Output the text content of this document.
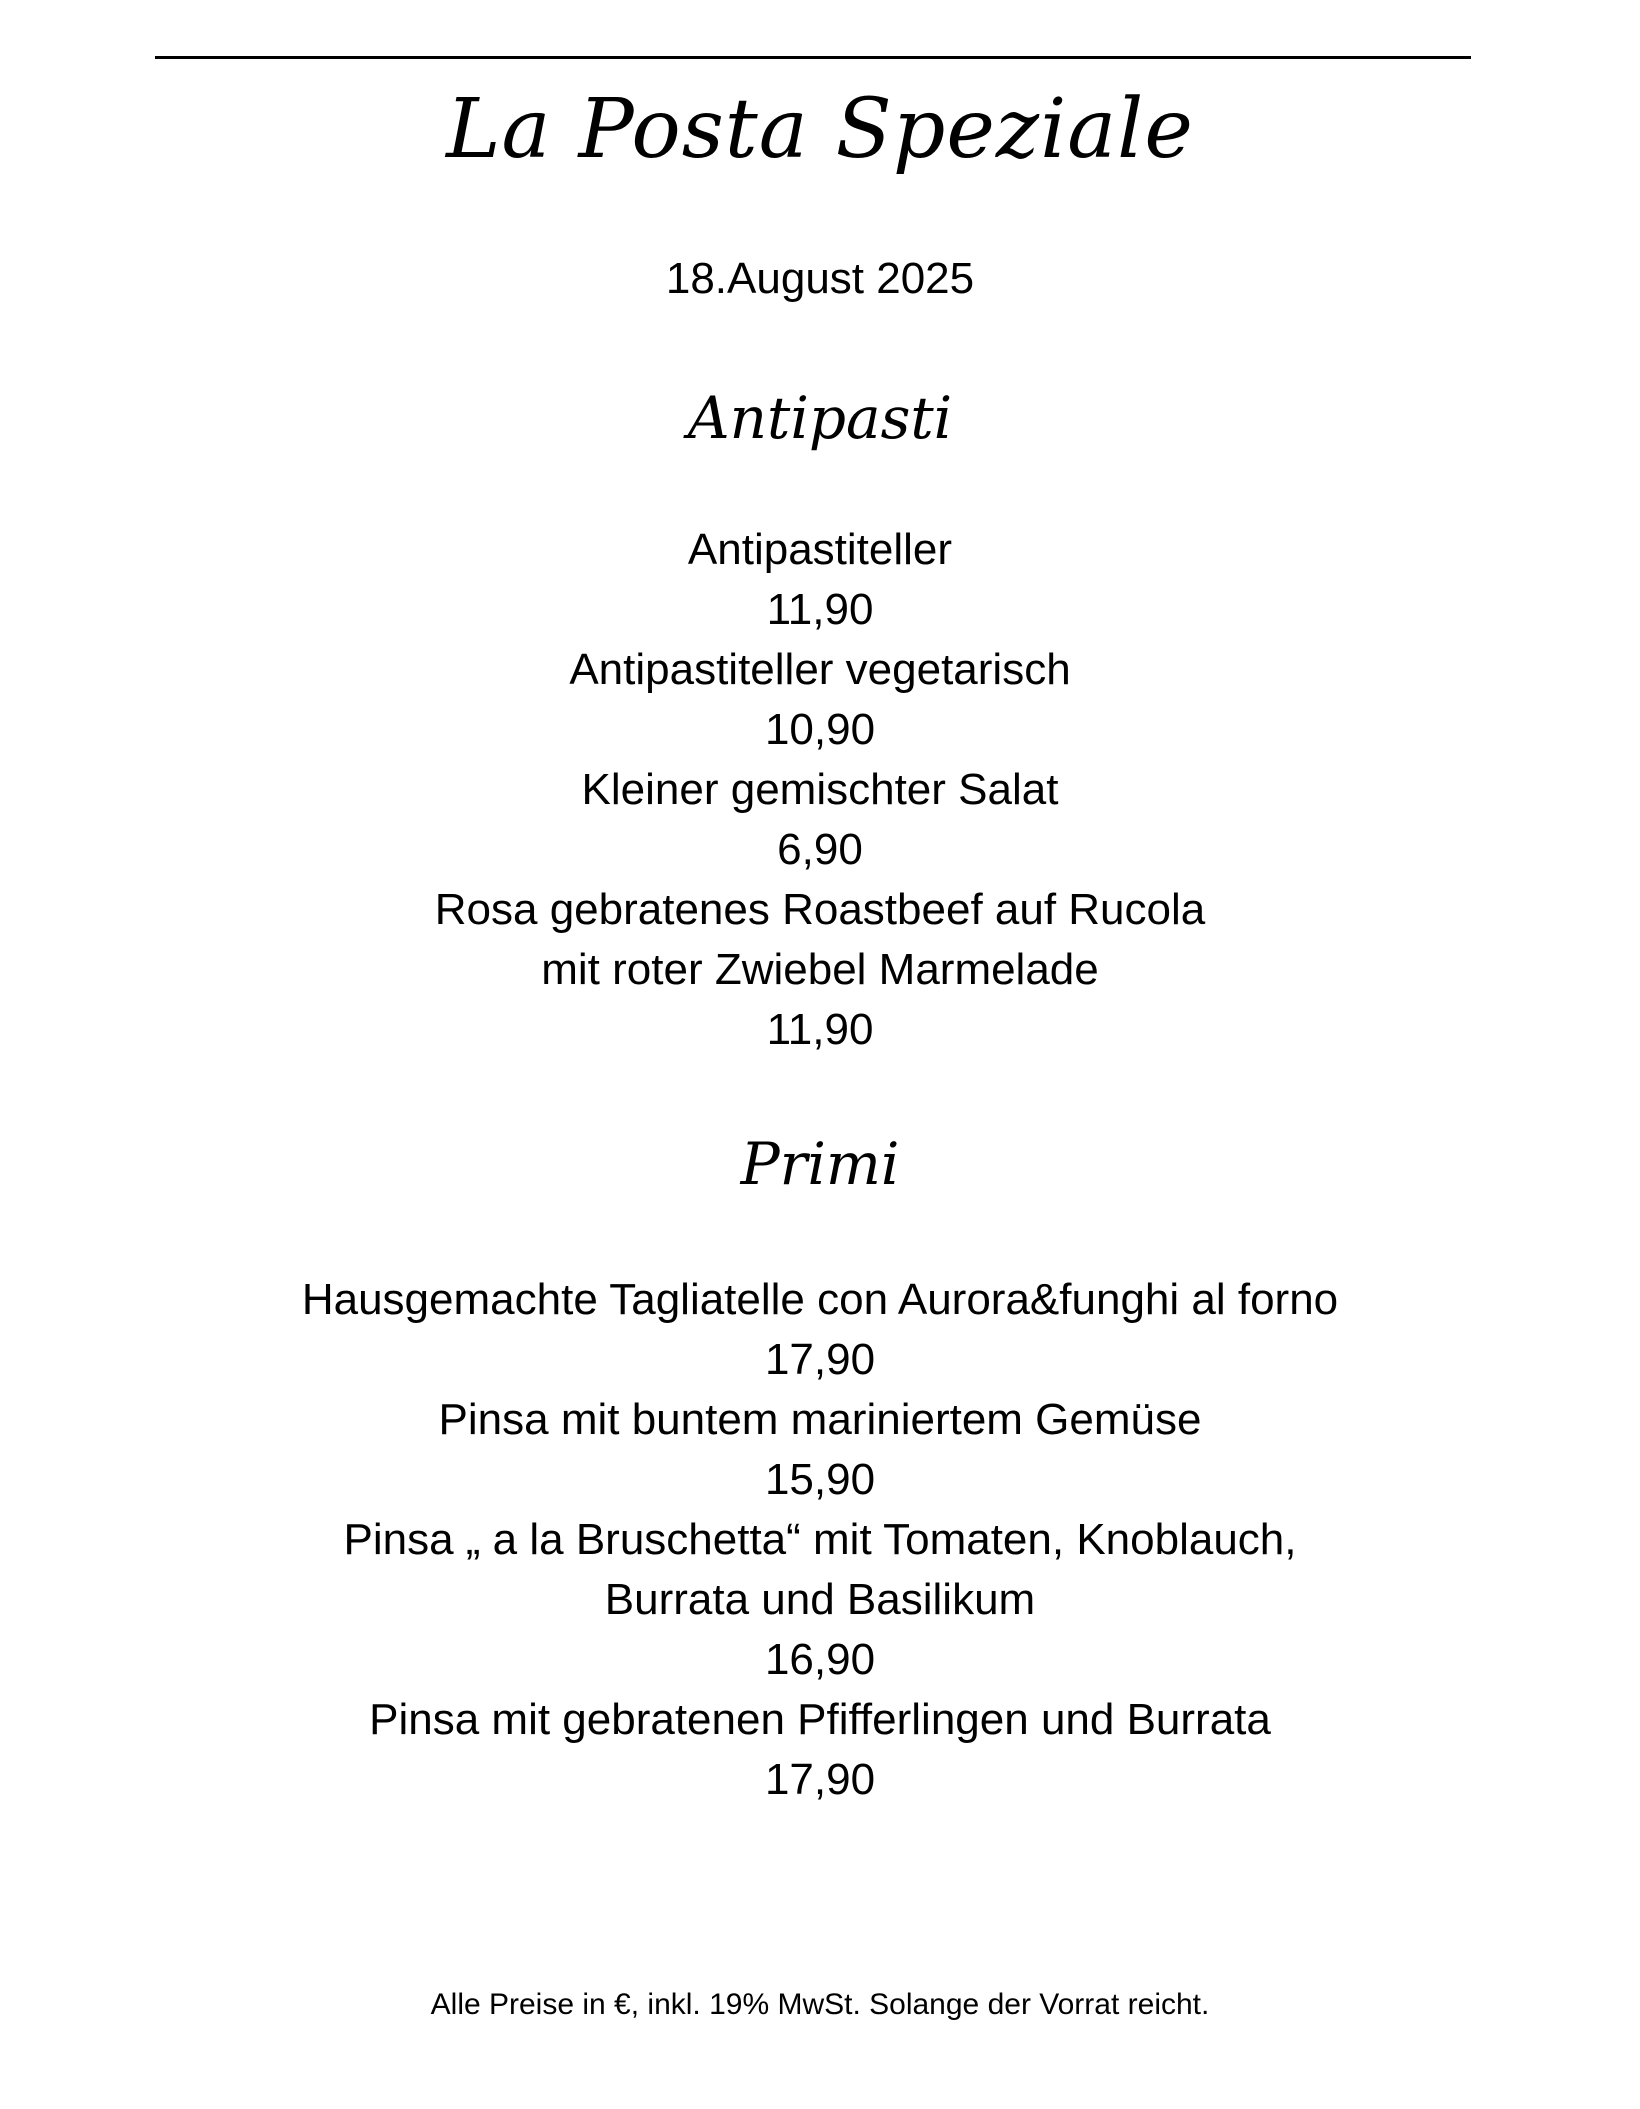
La Posta Speziale
18.August 2025
Antipasti
Antipastiteller
11,90
Antipastiteller vegetarisch
10,90
Kleiner gemischter Salat
6,90
Rosa gebratenes Roastbeef auf Rucola
mit roter Zwiebel Marmelade
11,90
Primi
Hausgemachte Tagliatelle con Aurora&funghi al forno
17,90
Pinsa mit buntem mariniertem Gemüse
15,90
Pinsa „ a la Bruschetta“ mit Tomaten, Knoblauch,
Burrata und Basilikum
16,90
Pinsa mit gebratenen Pfifferlingen und Burrata
17,90
Alle Preise in €, inkl. 19% MwSt. Solange der Vorrat reicht.
